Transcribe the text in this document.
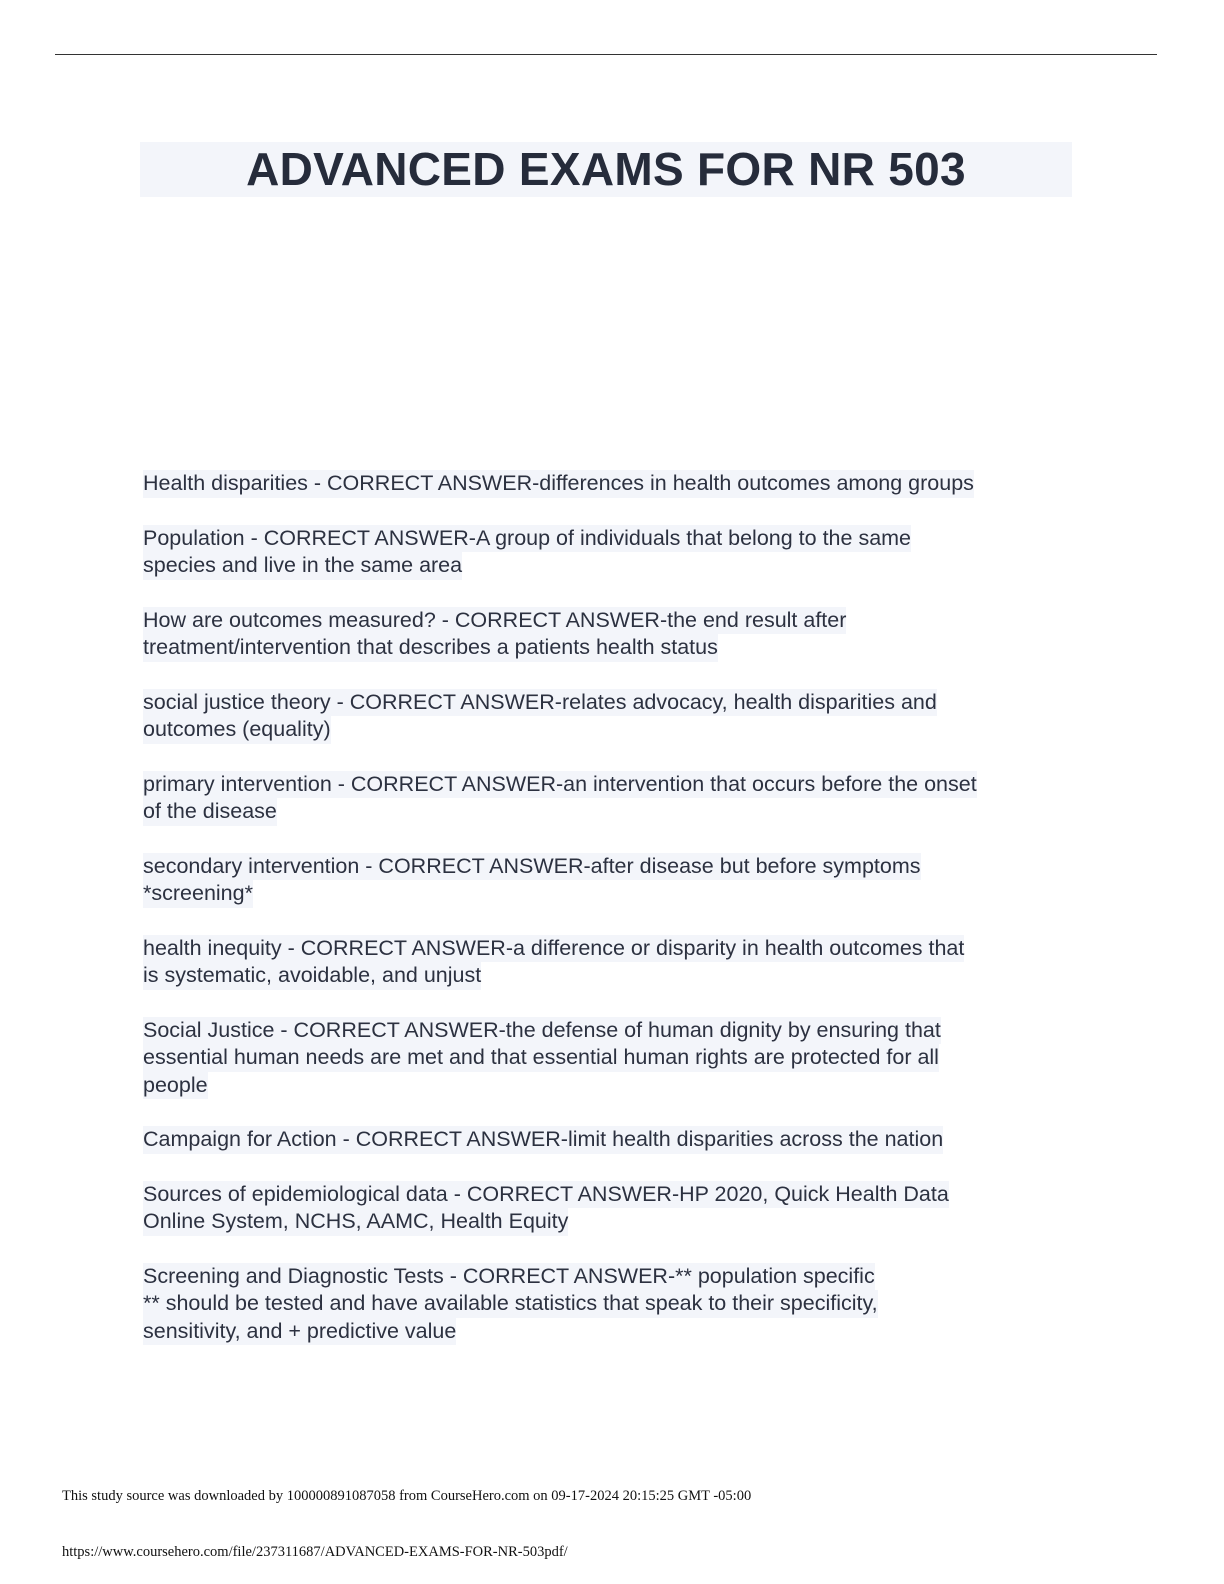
ADVANCED EXAMS FOR NR 503
Health disparities - CORRECT ANSWER-differences in health outcomes among groups
Population - CORRECT ANSWER-A group of individuals that belong to the same
species and live in the same area
How are outcomes measured? - CORRECT ANSWER-the end result after
treatment/intervention that describes a patients health status
social justice theory - CORRECT ANSWER-relates advocacy, health disparities and
outcomes (equality)
primary intervention - CORRECT ANSWER-an intervention that occurs before the onset
of the disease
secondary intervention - CORRECT ANSWER-after disease but before symptoms
*screening*
health inequity - CORRECT ANSWER-a difference or disparity in health outcomes that
is systematic, avoidable, and unjust
Social Justice - CORRECT ANSWER-the defense of human dignity by ensuring that
essential human needs are met and that essential human rights are protected for all
people
Campaign for Action - CORRECT ANSWER-limit health disparities across the nation
Sources of epidemiological data - CORRECT ANSWER-HP 2020, Quick Health Data
Online System, NCHS, AAMC, Health Equity
Screening and Diagnostic Tests - CORRECT ANSWER-** population specific
** should be tested and have available statistics that speak to their specificity,
sensitivity, and + predictive value
This study source was downloaded by 100000891087058 from CourseHero.com on 09-17-2024 20:15:25 GMT -05:00
https://www.coursehero.com/file/237311687/ADVANCED-EXAMS-FOR-NR-503pdf/
